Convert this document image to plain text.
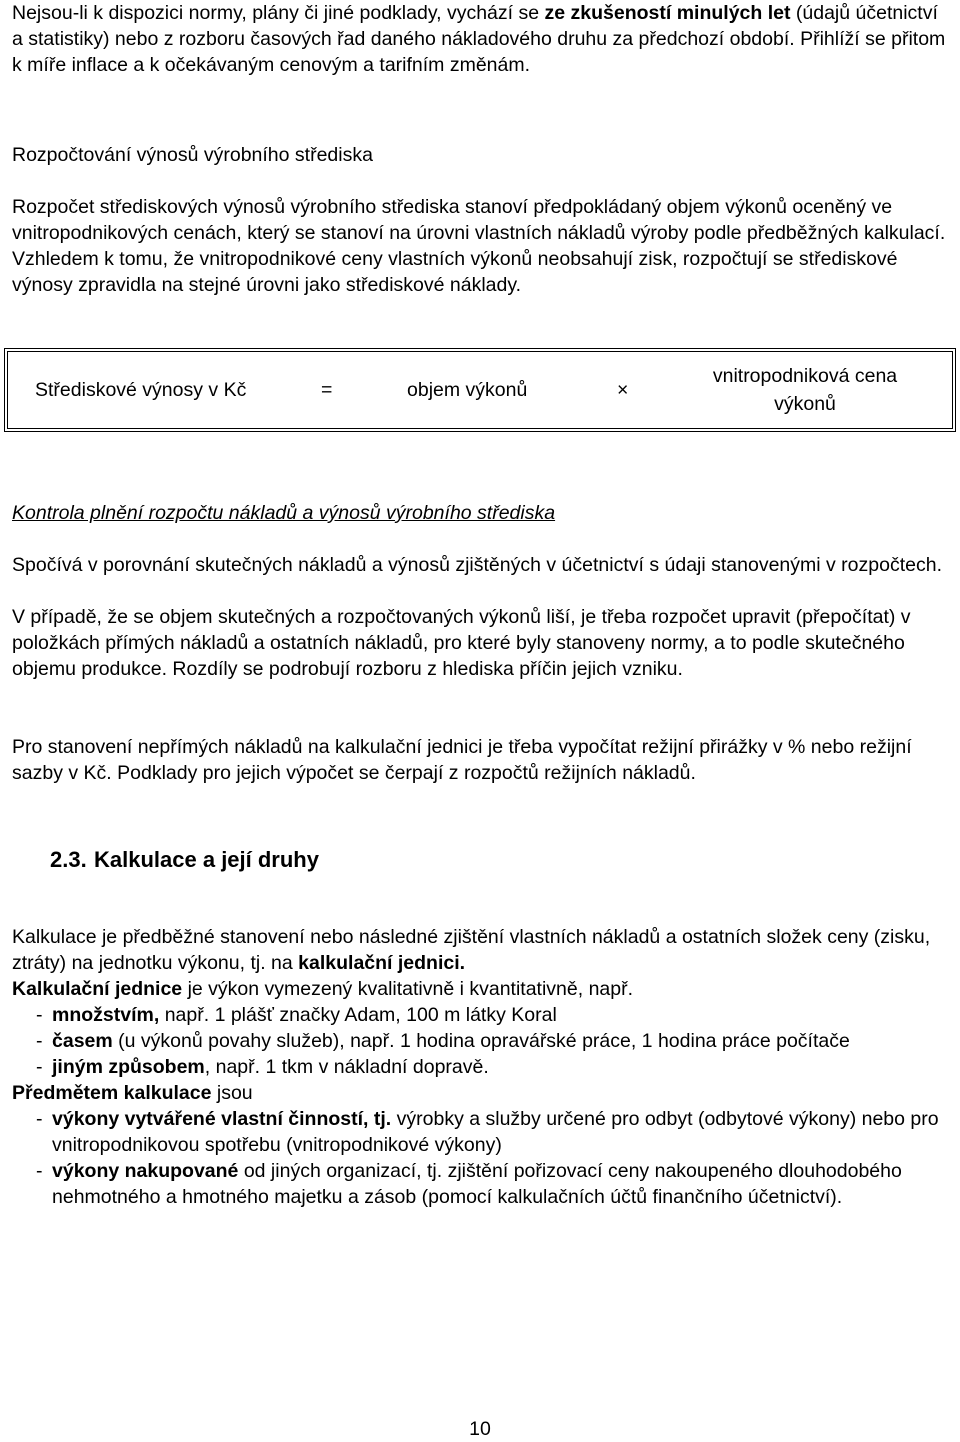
Nejsou-li k dispozici normy, plány či jiné podklady, vychází se ze zkušeností minulých let (údajů účetnictví a statistiky) nebo z rozboru časových řad daného nákladového druhu za předchozí období. Přihlíží se přitom k míře inflace a k očekávaným cenovým a tarifním změnám.

Rozpočtování výnosů výrobního střediska

Rozpočet střediskových výnosů výrobního střediska stanoví předpokládaný objem výkonů oceněný ve vnitropodnikových cenách, který se stanoví na úrovni vlastních nákladů výroby podle předběžných kalkulací. Vzhledem k tomu, že vnitropodnikové ceny vlastních výkonů neobsahují zisk, rozpočtují se střediskové výnosy zpravidla na stejné úrovni jako střediskové náklady.

Střediskové výnosy v Kč	=	objem výkonů	×
vnitropodniková cena
výkonů

Kontrola plnění rozpočtu nákladů a výnosů výrobního střediska

Spočívá v porovnání skutečných nákladů a výnosů zjištěných v účetnictví s údaji stanovenými v rozpočtech.

V případě, že se objem skutečných a rozpočtovaných výkonů liší, je třeba rozpočet upravit (přepočítat) v položkách přímých nákladů a ostatních nákladů, pro které byly stanoveny normy, a to podle skutečného objemu produkce. Rozdíly se podrobují rozboru z hlediska příčin jejich vzniku.

Pro stanovení nepřímých nákladů na kalkulační jednici je třeba vypočítat režijní přirážky v % nebo režijní sazby v Kč. Podklady pro jejich výpočet se čerpají z rozpočtů režijních nákladů.

2.3. Kalkulace a její druhy

Kalkulace je předběžné stanovení nebo následné zjištění vlastních nákladů a ostatních složek ceny (zisku, ztráty) na jednotku výkonu, tj. na kalkulační jednici.

Kalkulační jednice je výkon vymezený kvalitativně i kvantitativně, např.

- množstvím, např. 1 plášť značky Adam, 100 m látky Koral
- časem (u výkonů povahy služeb), např. 1 hodina opravářské práce, 1 hodina práce počítače
- jiným způsobem, např. 1 tkm v nákladní dopravě.

Předmětem kalkulace jsou

- výkony vytvářené vlastní činností, tj. výrobky a služby určené pro odbyt (odbytové výkony) nebo pro vnitropodnikovou spotřebu (vnitropodnikové výkony)
- výkony nakupované od jiných organizací, tj. zjištění pořizovací ceny nakoupeného dlouhodobého nehmotného a hmotného majetku a zásob (pomocí kalkulačních účtů finančního účetnictví).
10
